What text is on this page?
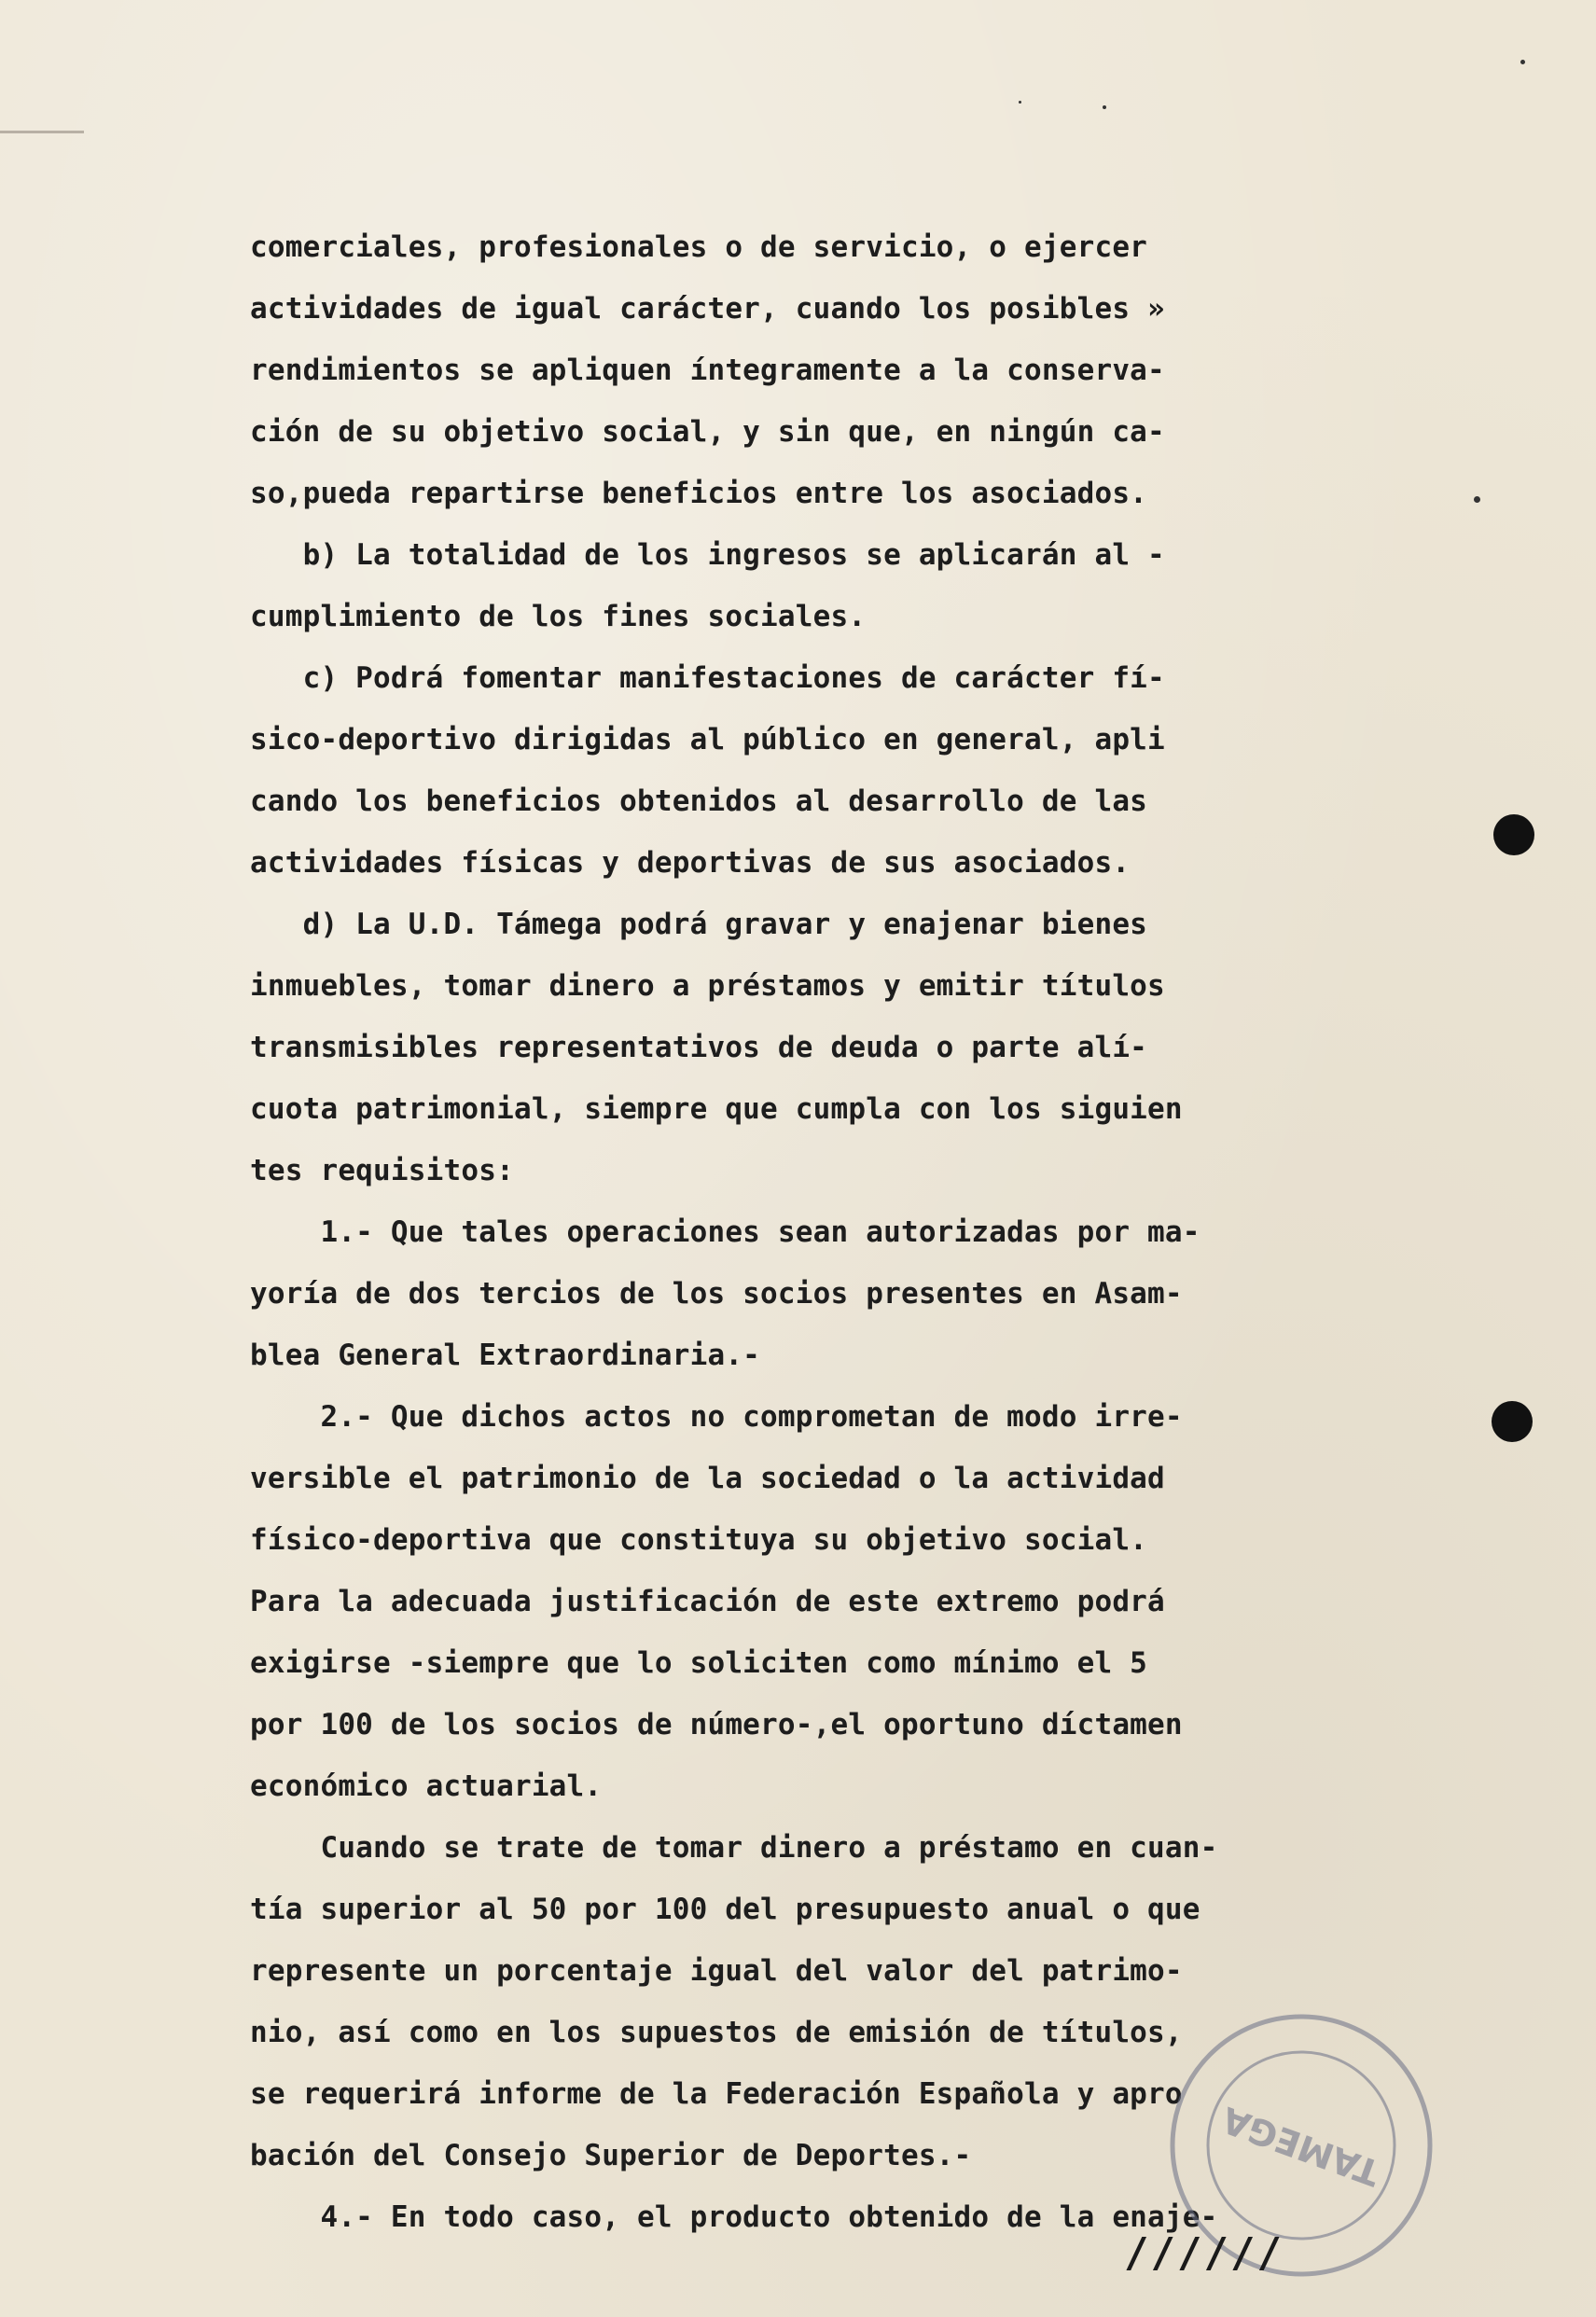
comerciales, profesionales o de servicio, o ejercer
actividades de igual carácter, cuando los posibles »
rendimientos se apliquen íntegramente a la conserva-
ción de su objetivo social, y sin que, en ningún ca-
so,pueda repartirse beneficios entre los asociados.
b) La totalidad de los ingresos se aplicarán al -
cumplimiento de los fines sociales.
c) Podrá fomentar manifestaciones de carácter fí-
sico-deportivo dirigidas al público en general, apli
cando los beneficios obtenidos al desarrollo de las
actividades físicas y deportivas de sus asociados.
d) La U.D. Támega podrá gravar y enajenar bienes
inmuebles, tomar dinero a préstamos y emitir títulos
transmisibles representativos de deuda o parte alí-
cuota patrimonial, siempre que cumpla con los siguien
tes requisitos:
1.- Que tales operaciones sean autorizadas por ma-
yoría de dos tercios de los socios presentes en Asam-
blea General Extraordinaria.-
2.- Que dichos actos no comprometan de modo irre-
versible el patrimonio de la sociedad o la actividad
físico-deportiva que constituya su objetivo social.
Para la adecuada justificación de este extremo podrá
exigirse -siempre que lo soliciten como mínimo el 5
por 100 de los socios de número-,el oportuno díctamen
económico actuarial.
Cuando se trate de tomar dinero a préstamo en cuan-
tía superior al 50 por 100 del presupuesto anual o que
represente un porcentaje igual del valor del patrimo-
nio, así como en los supuestos de emisión de títulos,
se requerirá informe de la Federación Española y apro
bación del Consejo Superior de Deportes.-
4.- En todo caso, el producto obtenido de la enaje-
TAMEGA
//////
